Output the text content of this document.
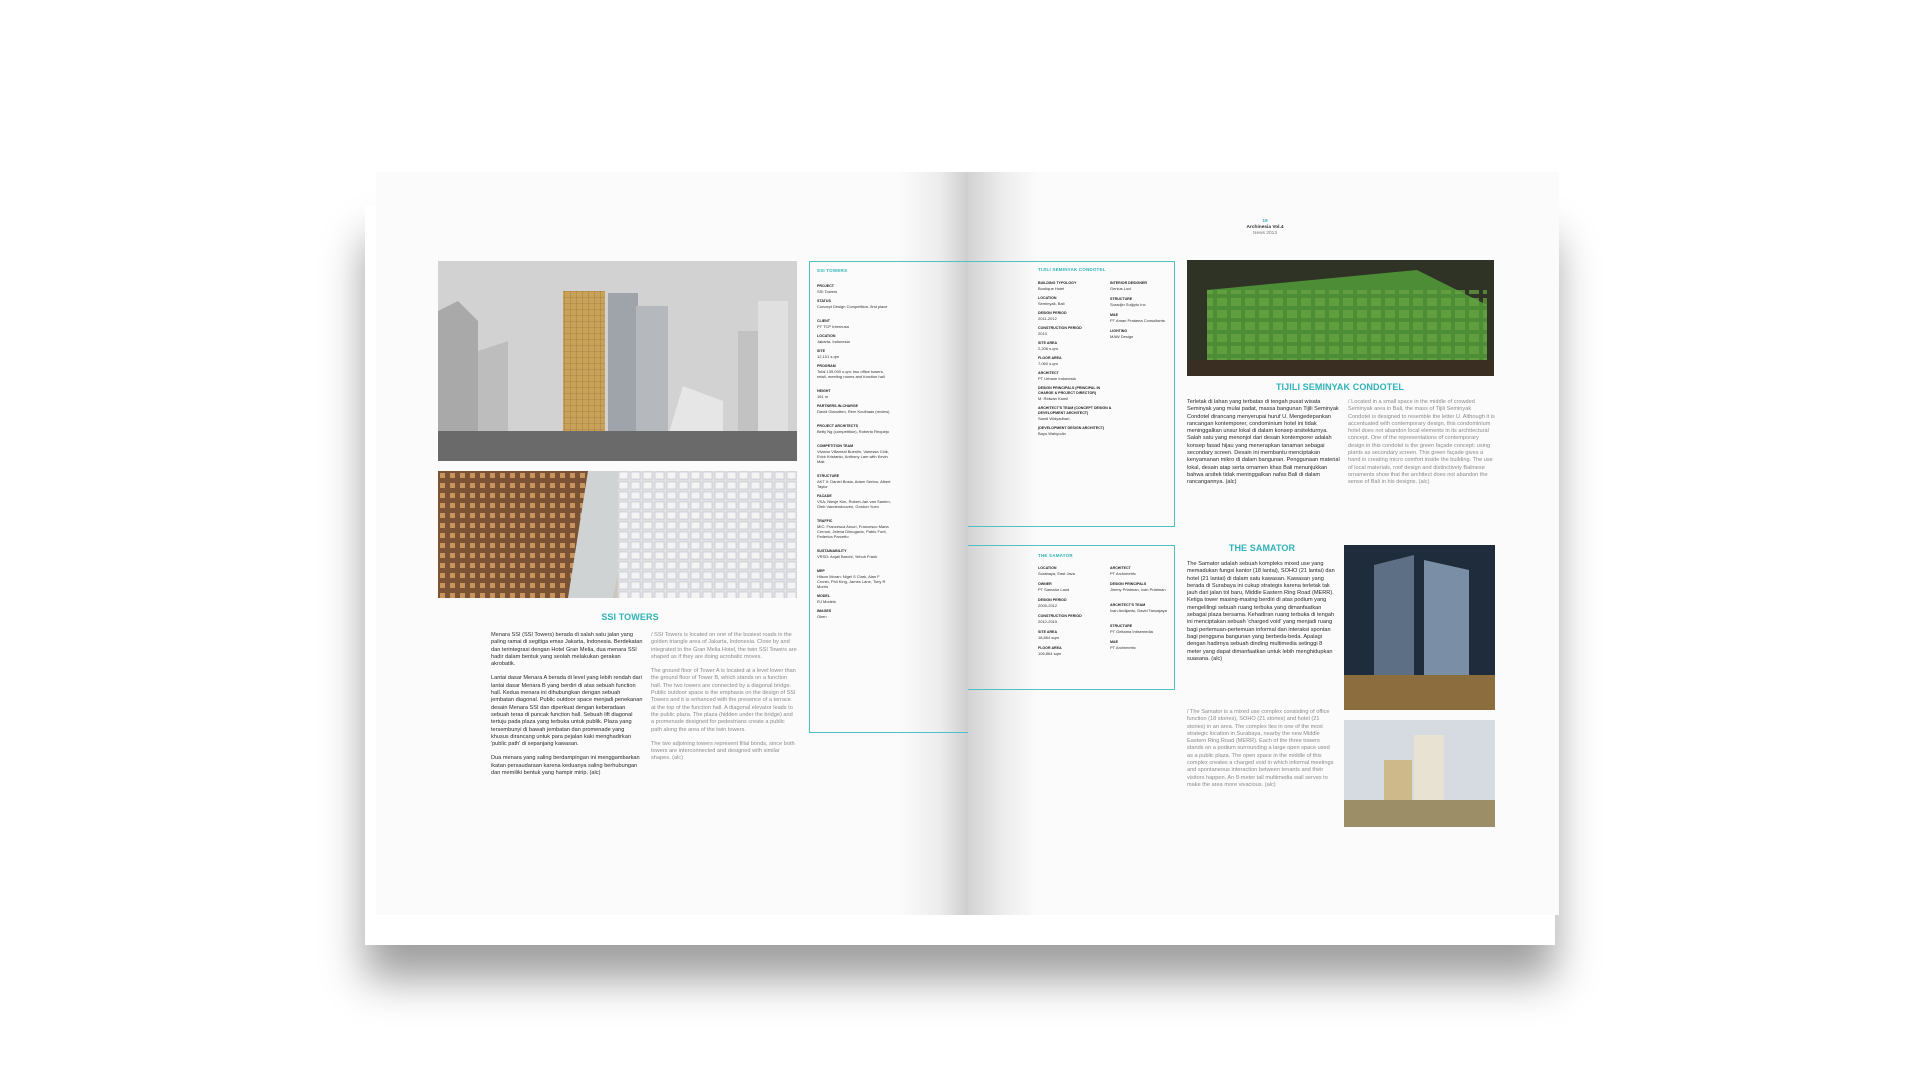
19
Archinesia Vol.4
News 2013
SSI TOWERS

Menara SSI (SSI Towers) berada di salah satu jalan yang paling ramai di segitiga emas Jakarta, Indonesia. Berdekatan dan terintegrasi dengan Hotel Gran Melia, dua menara SSI hadir dalam bentuk yang seolah melakukan gerakan akrobatik.

Lantai dasar Menara A berada di level yang lebih rendah dari lantai dasar Menara B yang berdiri di atas sebuah function hall. Kedua menara ini dihubungkan dengan sebuah jembatan diagonal. Public outdoor space menjadi penekanan desain Menara SSI dan diperkuat dengan keberadaan sebuah teras di puncak function hall. Sebuah lift diagonal tertuju pada plaza yang terbuka untuk publik. Plaza yang tersembunyi di bawah jembatan dan promenade yang khusus dirancang untuk para pejalan kaki menghadirkan 'public path' di sepanjang kawasan.

Dua menara yang saling berdampingan ini menggambarkan ikatan persaudaraan karena keduanya saling berhubungan dan memiliki bentuk yang hampir mirip. (alc)

/ SSI Towers is located on one of the busiest roads in the golden triangle area of Jakarta, Indonesia. Close by and integrated to the Gran Melia Hotel, the twin SSI Towers are shaped as if they are doing acrobatic moves.

The ground floor of Tower A is located at a level lower than the ground floor of Tower B, which stands on a function hall. The two towers are connected by a diagonal bridge. Public outdoor space is the emphasis on the design of SSI Towers and it is enhanced with the presence of a terrace at the top of the function hall. A diagonal elevator leads to the public plaza. The plaza (hidden under the bridge) and a promenade designed for pedestrians create a public path along the area of the twin towers.

The two adjoining towers represent filial bonds, since both towers are interconnected and designed with similar shapes. (alc)

SSI TOWERS
PROJECT
SSI Towers
STATUS
Concept Design Competition- first place
CLIENT
PT TCP Internusa
LOCATION
Jakarta, Indonesia
SITE
12,101 s.qm
PROGRAM
Total 139,000 s.qm: two office towers, retail, meeting rooms and function hall
HEIGHT
161 m
PARTNERS-IN-CHARGE
David Gianotten, Rem Koolhaas (review)
PROJECT ARCHITECTS
Betty Ng (competition), Roberto Requejo
COMPETITION TEAM
Viviano Villarreal Buenlin, Vanessa Chik, Erick Kristanto, Anthony Lam with Kevin Mak
STRUCTURE
AKT II: Daniel Bosia, Adam Sertou, Albert Taylor
FACADE
VSA: Niesje Kim, Robert-Jan van Santen, Gleb Vandendooven, Gordon Yuen
TRAFFIC
MIC: Francesca Arcuri, Francesco Maria Cerroni, Jelena Dimogavic, Pablo Forti, Federica Parcetto
SUSTAINABILITY
VRSD: Anjali Barohi, Yehuh Frank
MEP
Hilson Moran: Nigel S Clark, Alan F Cronin, Phil King, James Lane, Tony R Morris
MODEL
RJ Models
IMAGES
Oken
TIJILI SEMINYAK CONDOTEL
BUILDING TYPOLOGY
Boutique Hotel
LOCATION
Seminyak, Bali
DESIGN PERIOD
2011-2012
CONSTRUCTION PERIOD
2013
SITE AREA
2,206 s.qm
FLOOR AREA
7,060 s.qm
ARCHITECT
PT Urbane Indonesia
DESIGN PRINCIPALS (PRINCIPAL IN CHARGE & PROJECT DIRECTOR)
M. Ridwan Kamil
ARCHITECT'S TEAM (CONCEPT DESIGN & DEVELOPMENT ARCHITECT)
Sandi Widyadhari,
(DEVELOPMENT DESIGN ARCHITECT)
Bayu Wahyudin
INTERIOR DESIGNER
Genius Loci
STRUCTURE
Suradjin Sutjipto Inc
M&E
PT Aman Pratama Consultants
LIGHTING
MAW Design
THE SAMATOR
LOCATION
Surabaya, East Java
OWNER
PT Samator Land
DESIGN PERIOD
2009-2012
CONSTRUCTION PERIOD
2012-2015
SITE AREA
18,864 sqm
FLOOR AREA
106,864 sqm
ARCHITECT
PT Archimetric
DESIGN PRINCIPALS
Jimmy Priatman, Ivan Priatman
ARCHITECT'S TEAM
Ivan Andijanto, David Tanoajaya
STRUCTURE
PT Geitama Intisemedia
M&E
PT Archimetric
TIJILI SEMINYAK CONDOTEL
Terletak di lahan yang terbatas di tengah pusat wisata Seminyak yang mulai padat, massa bangunan Tijili Seminyak Condotel dirancang menyerupai huruf U. Mengedepankan rancangan kontemporer, condominium hotel ini tidak meninggalkan unsur lokal di dalam konsep arsitekturnya. Salah satu yang menonjol dari desain kontemporer adalah konsep fasad hijau yang menerapkan tanaman sebagai secondary screen. Desain ini membantu menciptakan kenyamanan mikro di dalam bangunan. Penggunaan material lokal, desain atap serta ornamen khas Bali menunjukkan bahwa arsitek tidak meninggalkan nafas Bali di dalam rancangannya. (alc)
/ Located in a small space in the middle of crowded Seminyak area in Bali, the mass of Tijili Seminyak Condotel is designed to resemble the letter U. Although it is accentuated with contemporary design, this condominium hotel does not abandon local elements in its architectural concept. One of the representations of contemporary design in this condotel is the green façade concept: using plants as secondary screen. This green façade gives a hand in creating micro comfort inside the building. The use of local materials, roof design and distinctively Balinese ornaments show that the architect does not abandon the sense of Bali in his designs. (alc)
THE SAMATOR
The Samator adalah sebuah kompleks mixed use yang memadukan fungsi kantor (18 lantai), SOHO (21 lantai) dan hotel (21 lantai) di dalam satu kawasan. Kawasan yang berada di Surabaya ini cukup strategis karena terletak tak jauh dari jalan tol baru, Middle Eastern Ring Road (MERR). Ketiga tower masing-masing berdiri di atas podium yang mengelilingi sebuah ruang terbuka yang dimanfaatkan sebagai plaza bersama. Kehadiran ruang terbuka di tengah ini menciptakan sebuah 'charged void' yang menjadi ruang bagi pertemuan-pertemuan informal dan interaksi spontan bagi pengguna bangunan yang berbeda-beda. Apalagi dengan hadirnya sebuah dinding multimedia setinggi 8 meter yang dapat dimanfaatkan untuk lebih menghidupkan suasana. (alc)
/ The Samator is a mixed use complex consisting of office function (18 stories), SOHO (21 stories) and hotel (21 stories) in an area. The complex lies in one of the most strategic location in Surabaya, nearby the new Middle Eastern Ring Road (MERR). Each of the three towers stands on a podium surrounding a large open space used as a public plaza. The open space in the middle of this complex creates a charged void in which informal meetings and spontaneous interaction between tenants and their visitors happen. An 8-meter tall multimedia wall serves to make the area more vivacious. (alc)
